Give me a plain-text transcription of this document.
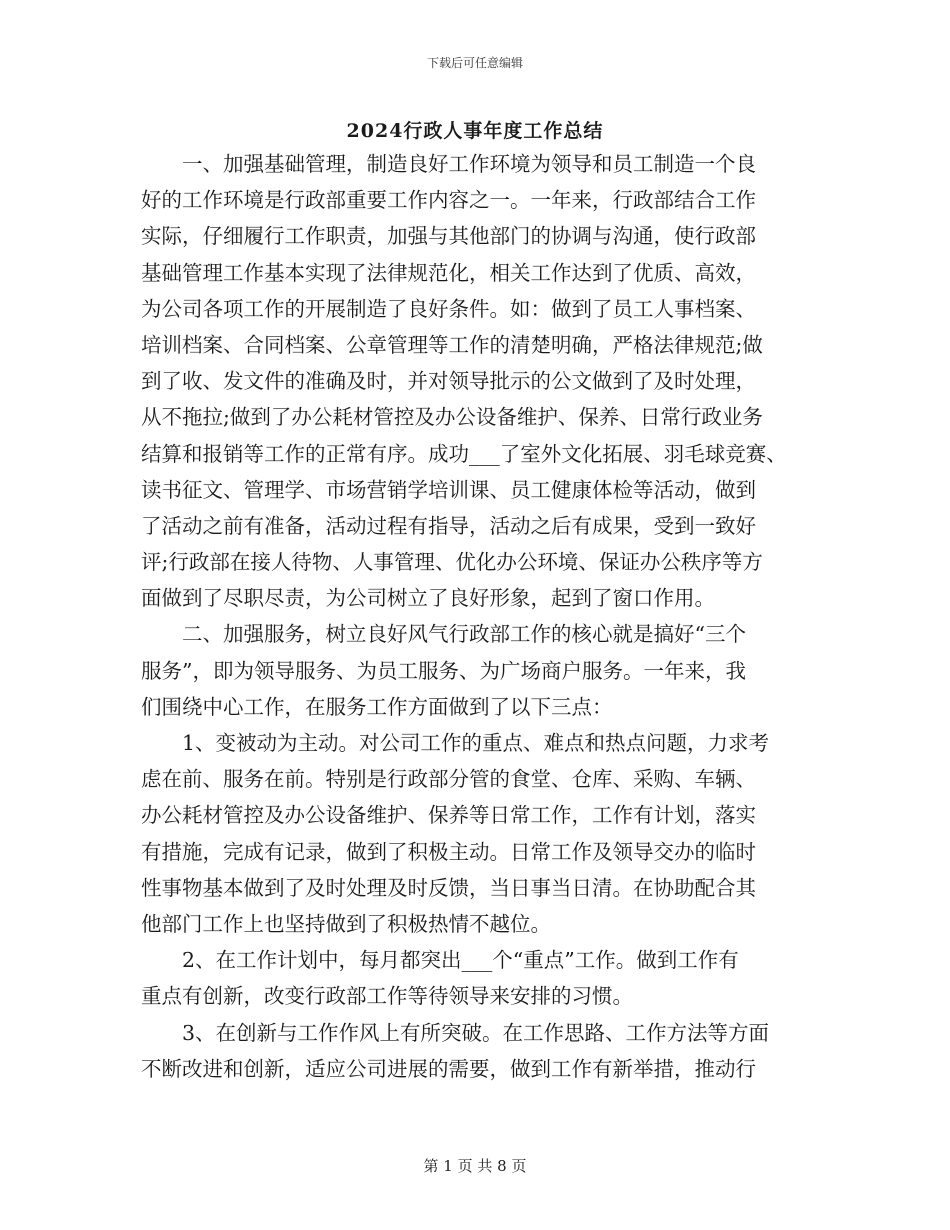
下载后可任意编辑
2024行政人事年度工作总结
　　一、加强基础管理，制造良好工作环境为领导和员工制造一个良
好的工作环境是行政部重要工作内容之一。一年来，行政部结合工作
实际，仔细履行工作职责，加强与其他部门的协调与沟通，使行政部
基础管理工作基本实现了法律规范化，相关工作达到了优质、高效，
为公司各项工作的开展制造了良好条件。如：做到了员工人事档案、
培训档案、合同档案、公章管理等工作的清楚明确，严格法律规范;做
到了收、发文件的准确及时，并对领导批示的公文做到了及时处理，
从不拖拉;做到了办公耗材管控及办公设备维护、保养、日常行政业务
结算和报销等工作的正常有序。成功___了室外文化拓展、羽毛球竞赛、
读书征文、管理学、市场营销学培训课、员工健康体检等活动，做到
了活动之前有准备，活动过程有指导，活动之后有成果，受到一致好
评;行政部在接人待物、人事管理、优化办公环境、保证办公秩序等方
面做到了尽职尽责，为公司树立了良好形象，起到了窗口作用。
　　二、加强服务，树立良好风气行政部工作的核心就是搞好“三个
服务”，即为领导服务、为员工服务、为广场商户服务。一年来，我
们围绕中心工作，在服务工作方面做到了以下三点：
　　1、变被动为主动。对公司工作的重点、难点和热点问题，力求考
虑在前、服务在前。特别是行政部分管的食堂、仓库、采购、车辆、
办公耗材管控及办公设备维护、保养等日常工作，工作有计划，落实
有措施，完成有记录，做到了积极主动。日常工作及领导交办的临时
性事物基本做到了及时处理及时反馈，当日事当日清。在协助配合其
他部门工作上也坚持做到了积极热情不越位。
　　2、在工作计划中，每月都突出___个“重点”工作。做到工作有
重点有创新，改变行政部工作等待领导来安排的习惯。
　　3、在创新与工作作风上有所突破。在工作思路、工作方法等方面
不断改进和创新，适应公司进展的需要，做到工作有新举措，推动行
第 1 页 共 8 页
